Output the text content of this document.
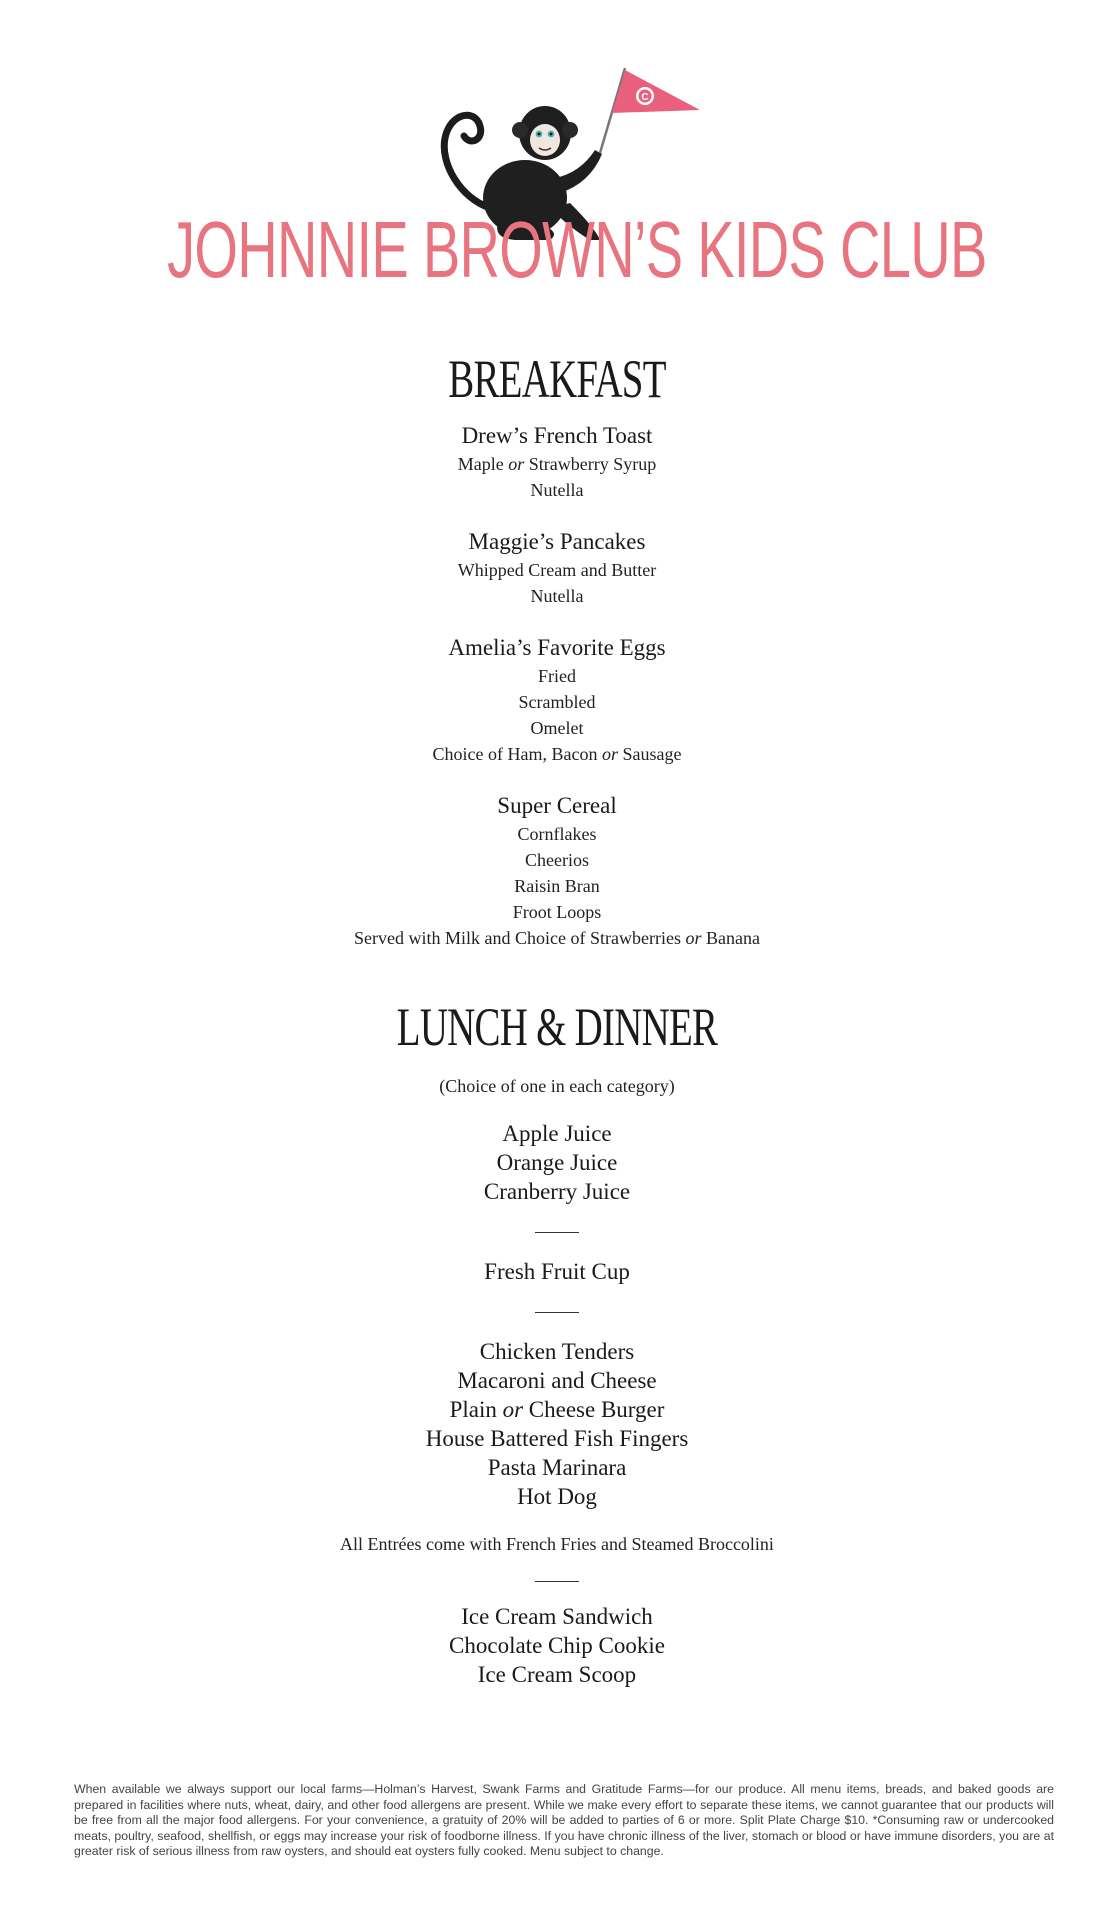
C
JOHNNIE BROWN’S KIDS CLUB
BREAKFAST
Drew’s French Toast
Maple or Strawberry Syrup
Nutella
Maggie’s Pancakes
Whipped Cream and Butter
Nutella
Amelia’s Favorite Eggs
Fried
Scrambled
Omelet
Choice of Ham, Bacon or Sausage
Super Cereal
Cornflakes
Cheerios
Raisin Bran
Froot Loops
Served with Milk and Choice of Strawberries or Banana
LUNCH & DINNER
(Choice of one in each category)
Apple Juice
Orange Juice
Cranberry Juice
Fresh Fruit Cup
Chicken Tenders
Macaroni and Cheese
Plain or Cheese Burger
House Battered Fish Fingers
Pasta Marinara
Hot Dog
All Entrées come with French Fries and Steamed Broccolini
Ice Cream Sandwich
Chocolate Chip Cookie
Ice Cream Scoop
When available we always support our local farms—Holman’s Harvest, Swank Farms and Gratitude Farms—for our produce. All menu items, breads, and baked goods are prepared in facilities where nuts, wheat, dairy, and other food allergens are present. While we make every effort to separate these items, we cannot guarantee that our products will be free from all the major food allergens. For your convenience, a gratuity of 20% will be added to parties of 6 or more. Split Plate Charge $10. *Consuming raw or undercooked meats, poultry, seafood, shellfish, or eggs may increase your risk of foodborne illness. If you have chronic illness of the liver, stomach or blood or have immune disorders, you are at greater risk of serious illness from raw oysters, and should eat oysters fully cooked. Menu subject to change.
